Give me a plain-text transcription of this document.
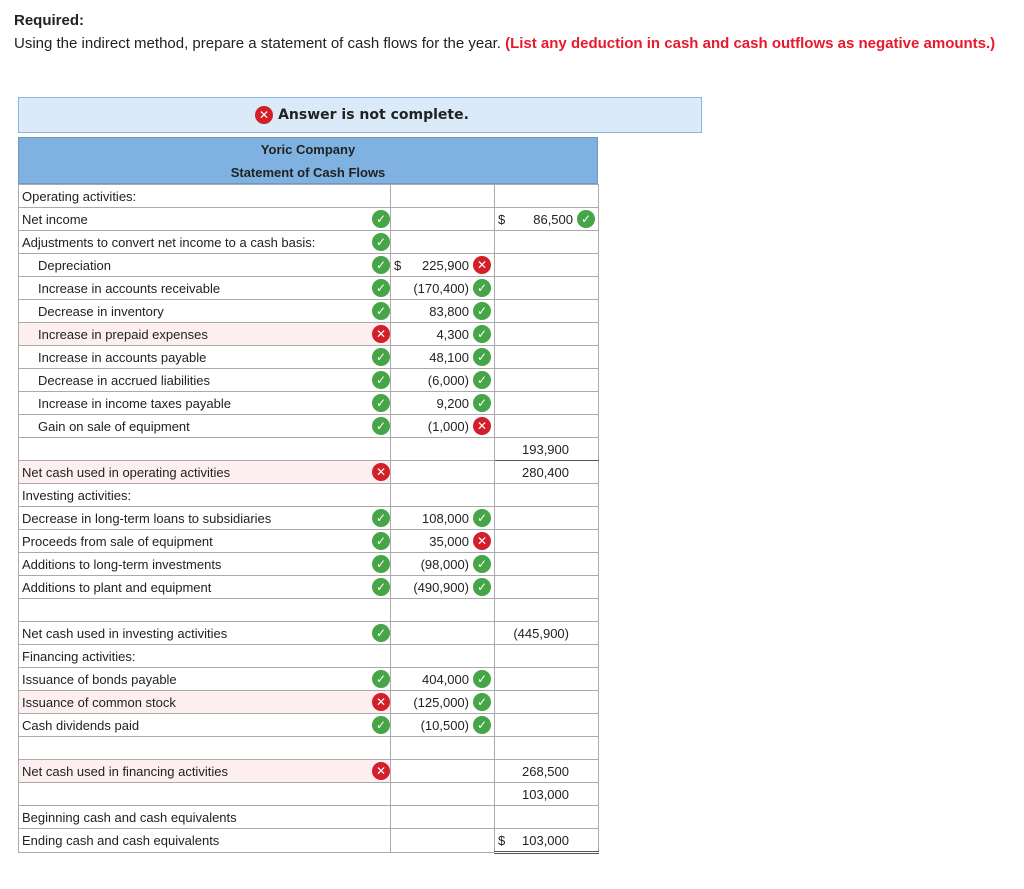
Required:
Using the indirect method, prepare a statement of cash flows for the year. (List any deduction in cash and cash outflows as negative amounts.)
✕ Answer is not complete.
Yoric Company
Statement of Cash Flows
Operating activities:		

Net income ✓		$ 86,500 ✓

Adjustments to convert net income to a cash basis: ✓		

Depreciation ✓	$ 225,900 ✕	

Increase in accounts receivable ✓	(170,400) ✓	

Decrease in inventory ✓	83,800 ✓	

Increase in prepaid expenses ✕	4,300 ✓	

Increase in accounts payable ✓	48,100 ✓	

Decrease in accrued liabilities ✓	(6,000) ✓	

Increase in income taxes payable ✓	9,200 ✓	

Gain on sale of equipment ✓	(1,000) ✕	

		193,900

Net cash used in operating activities ✕		280,400

Investing activities:		

Decrease in long-term loans to subsidiaries ✓	108,000 ✓	

Proceeds from sale of equipment ✓	35,000 ✕	

Additions to long-term investments ✓	(98,000) ✓	

Additions to plant and equipment ✓	(490,900) ✓	

Net cash used in investing activities ✓		(445,900)

Financing activities:		

Issuance of bonds payable ✓	404,000 ✓	

Issuance of common stock ✕	(125,000) ✓	

Cash dividends paid ✓	(10,500) ✓	

Net cash used in financing activities ✕		268,500

		103,000

Beginning cash and cash equivalents		

Ending cash and cash equivalents		$ 103,000
